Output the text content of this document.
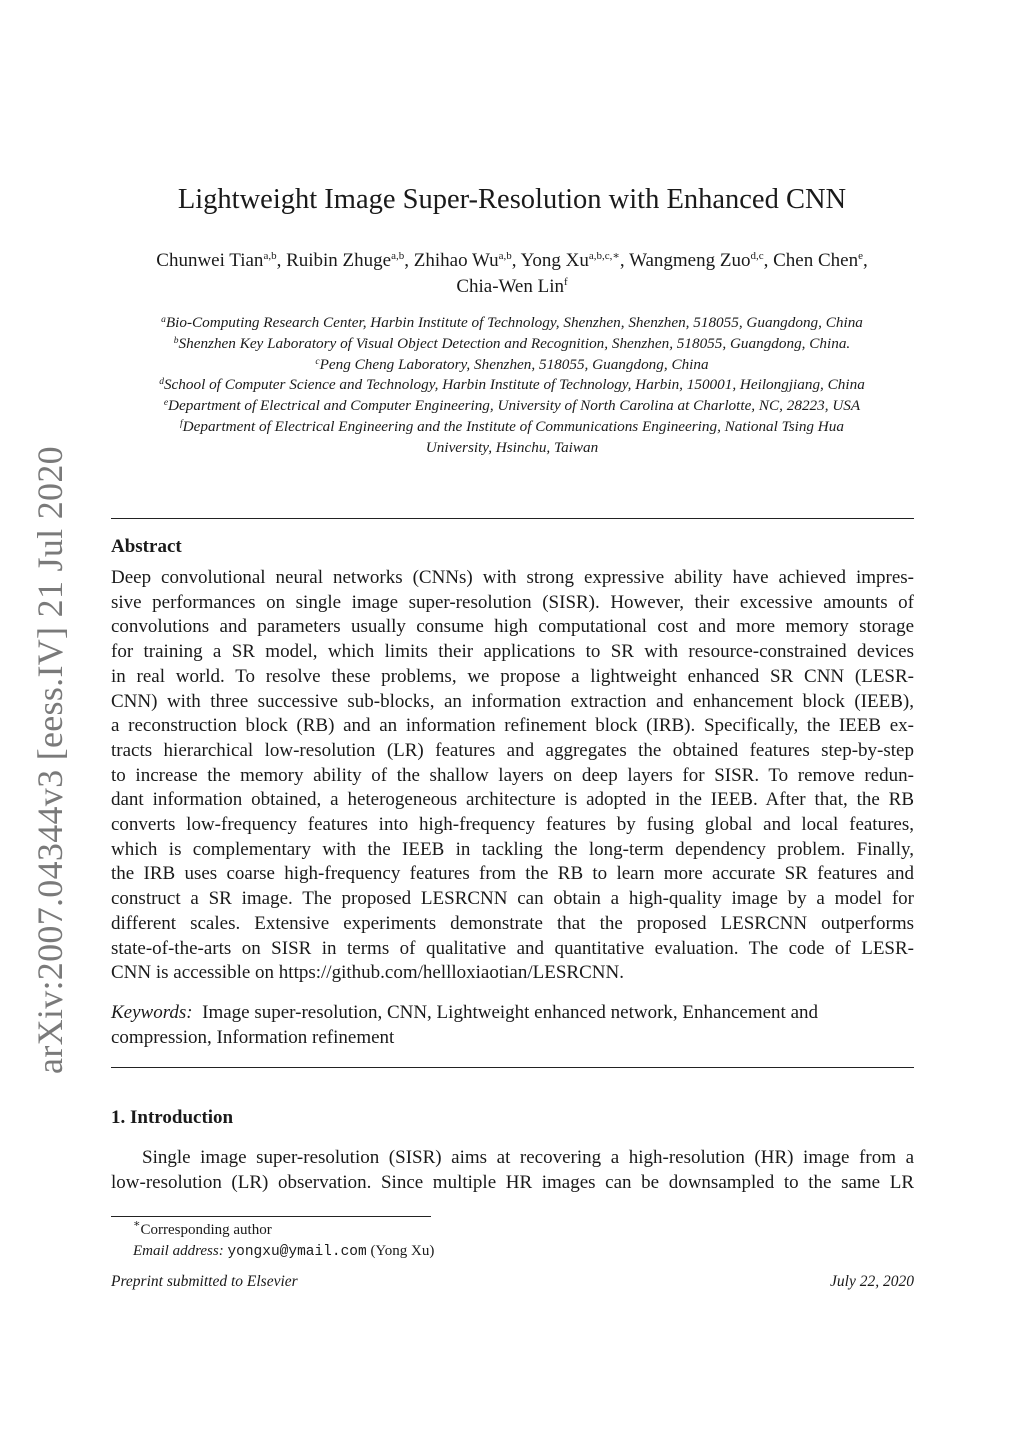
arXiv:2007.04344v3 [eess.IV] 21 Jul 2020
Lightweight Image Super-Resolution with Enhanced CNN
Chunwei Tian$^{a,b}$, Ruibin Zhuge$^{a,b}$, Zhihao Wu$^{a,b}$, Yong $Xu^{a,b,c,∗}$, Wangmeng Zuo$^{d,c}$, Chen Chen$^e$,
Chia-Wen Lin$^f$
$^a$Bio-Computing Research Center, Harbin Institute of Technology, Shenzhen, Shenzhen, 518055, Guangdong, China
$^b$Shenzhen Key Laboratory of Visual Object Detection and Recognition, Shenzhen, 518055, Guangdong, China.
$^c$Peng Cheng Laboratory, Shenzhen, 518055, Guangdong, China
$^d$School of Computer Science and Technology, Harbin Institute of Technology, Harbin, 150001, Heilongjiang, China
$^e$Department of Electrical and Computer Engineering, University of North Carolina at Charlotte, NC, 28223, USA
$^f$Department of Electrical Engineering and the Institute of Communications Engineering, National Tsing Hua
University, Hsinchu, Taiwan
Abstract
Deep convolutional neural networks (CNNs) with strong expressive ability have achieved impres-
sive performances on single image super-resolution (SISR). However, their excessive amounts of
convolutions and parameters usually consume high computational cost and more memory storage
for training a SR model, which limits their applications to SR with resource-constrained devices
in real world. To resolve these problems, we propose a lightweight enhanced SR CNN (LESR-
CNN) with three successive sub-blocks, an information extraction and enhancement block (IEEB),
a reconstruction block (RB) and an information refinement block (IRB). Specifically, the IEEB ex-
tracts hierarchical low-resolution (LR) features and aggregates the obtained features step-by-step
to increase the memory ability of the shallow layers on deep layers for SISR. To remove redun-
dant information obtained, a heterogeneous architecture is adopted in the IEEB. After that, the RB
converts low-frequency features into high-frequency features by fusing global and local features,
which is complementary with the IEEB in tackling the long-term dependency problem. Finally,
the IRB uses coarse high-frequency features from the RB to learn more accurate SR features and
construct a SR image. The proposed LESRCNN can obtain a high-quality image by a model for
different scales. Extensive experiments demonstrate that the proposed LESRCNN outperforms
state-of-the-arts on SISR in terms of qualitative and quantitative evaluation. The code of LESR-
CNN is accessible on https://github.com/hellloxiaotian/LESRCNN.
Keywords: Image super-resolution, CNN, Lightweight enhanced network, Enhancement and
compression, Information refinement
1. Introduction
Single image super-resolution (SISR) aims at recovering a high-resolution (HR) image from a
low-resolution (LR) observation. Since multiple HR images can be downsampled to the same LR
∗Corresponding author
Email address: yongxu@ymail.com (Yong Xu)
Preprint submitted to Elsevier	July 22, 2020
